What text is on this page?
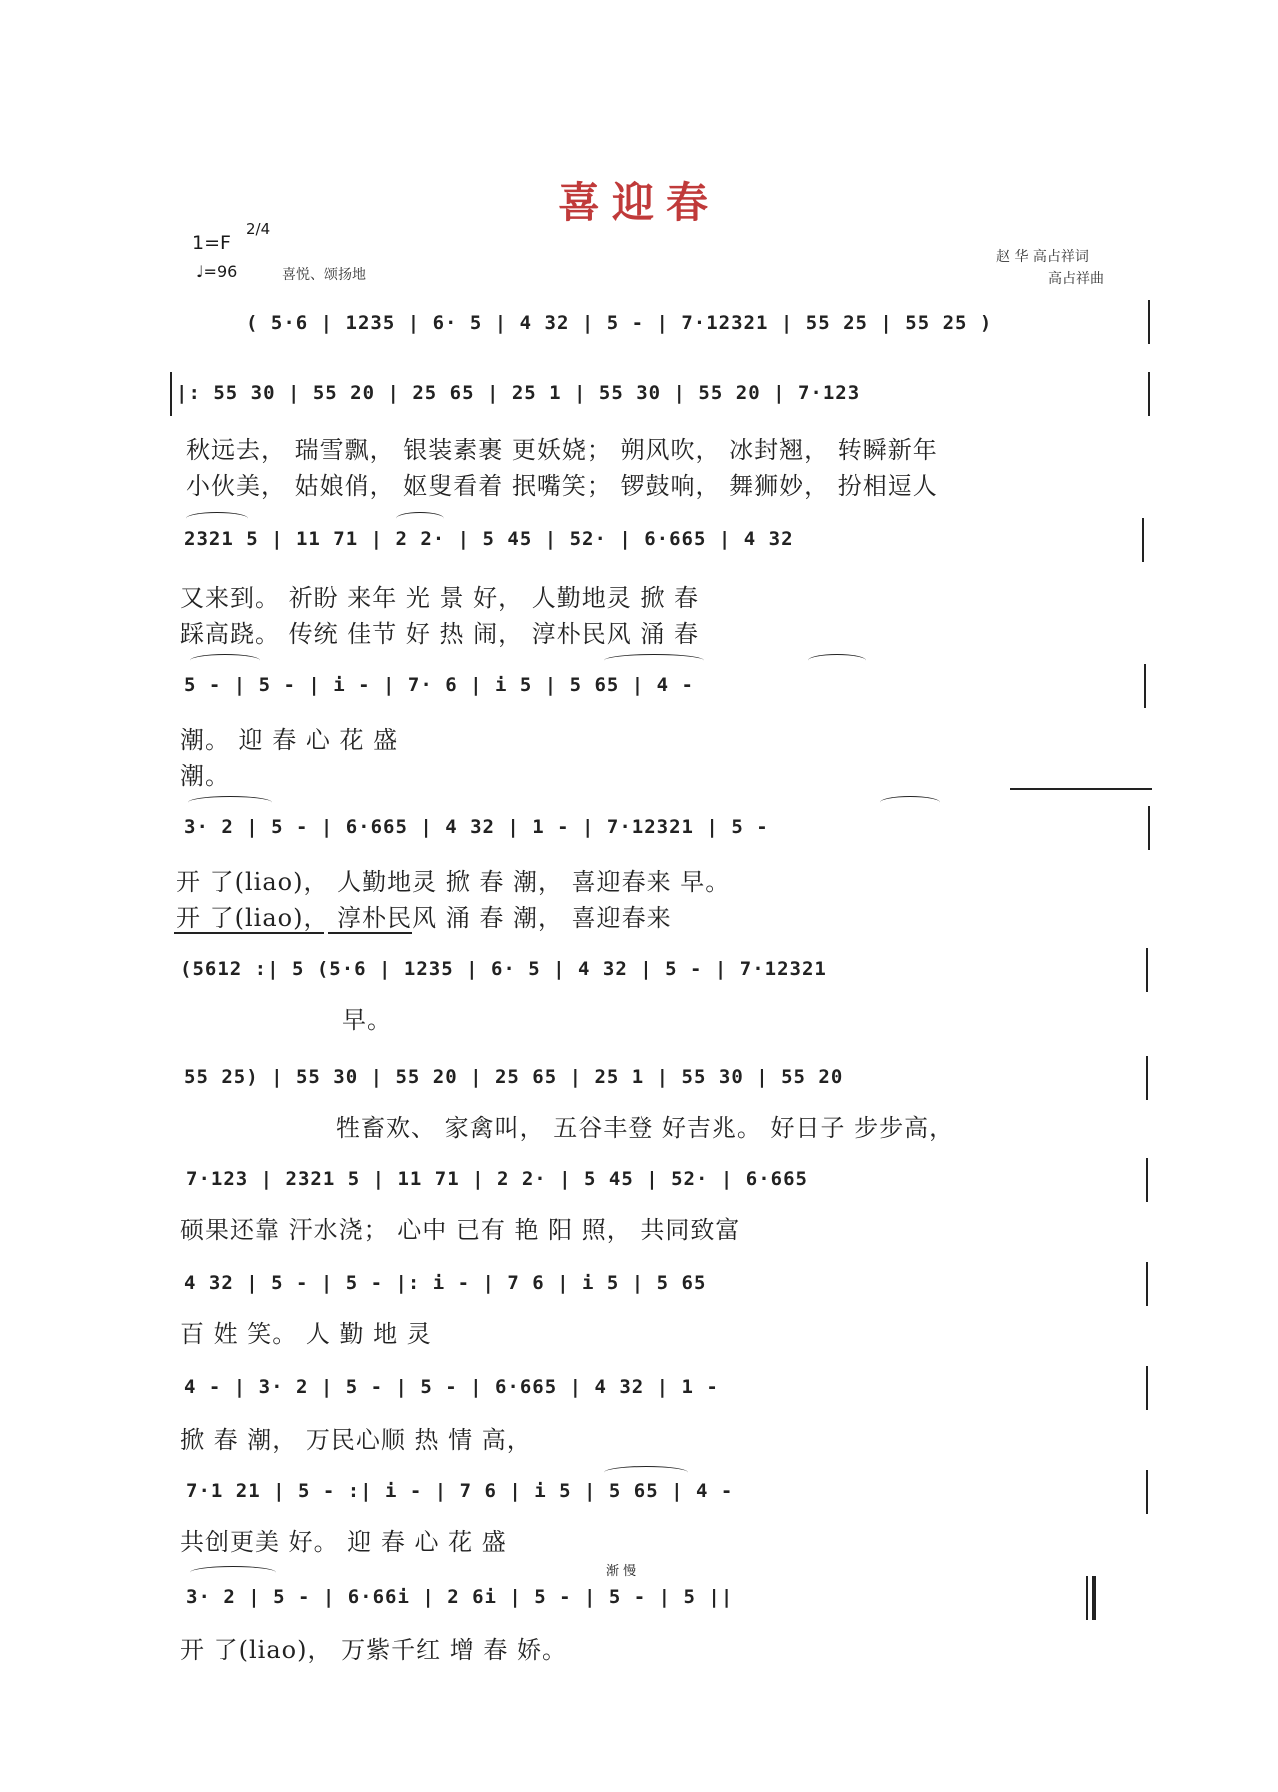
喜迎春
1=F
2/4
♩=96	喜悦、颂扬地
赵 华 高占祥词
高占祥曲
( 5·6 | 1235 | 6· 5 | 4 32 | 5 - | 7·12321 | 55 25 | 55 25 )
|: 55 30 | 55 20 | 25 65 | 25 1 | 55 30 | 55 20 | 7·123
秋远去， 瑞雪飘， 银装素裹 更妖娆； 朔风吹， 冰封翘， 转瞬新年
小伙美， 姑娘俏， 妪叟看着 抿嘴笑； 锣鼓响， 舞狮妙， 扮相逗人
2321 5 | 11 71 | 2 2· | 5 45 | 52· | 6·665 | 4 32
又来到。 祈盼 来年 光 景 好， 人勤地灵 掀 春
踩高跷。 传统 佳节 好 热 闹， 淳朴民风 涌 春
5 - | 5 - | i - | 7· 6 | i 5 | 5 65 | 4 -
潮。 迎 春 心 花 盛
潮。
3· 2 | 5 - | 6·665 | 4 32 | 1 - | 7·12321 | 5 -
开 了(liao)， 人勤地灵 掀 春 潮， 喜迎春来 早。
开 了(liao)， 淳朴民风 涌 春 潮， 喜迎春来
(5612 :| 5 (5·6 | 1235 | 6· 5 | 4 32 | 5 - | 7·12321
早。
55 25) | 55 30 | 55 20 | 25 65 | 25 1 | 55 30 | 55 20
牲畜欢、 家禽叫， 五谷丰登 好吉兆。 好日子 步步高，
7·123 | 2321 5 | 11 71 | 2 2· | 5 45 | 52· | 6·665
硕果还靠 汗水浇； 心中 已有 艳 阳 照， 共同致富
4 32 | 5 - | 5 - |: i - | 7 6 | i 5 | 5 65
百 姓 笑。 人 勤 地 灵
4 - | 3· 2 | 5 - | 5 - | 6·665 | 4 32 | 1 -
掀 春 潮， 万民心顺 热 情 高，
7·1 21 | 5 - :| i - | 7 6 | i 5 | 5 65 | 4 -
共创更美 好。 迎 春 心 花 盛
渐 慢
3· 2 | 5 - | 6·66i | 2 6i | 5 - | 5 - | 5 ||
开 了(liao)， 万紫千红 增 春 娇。
